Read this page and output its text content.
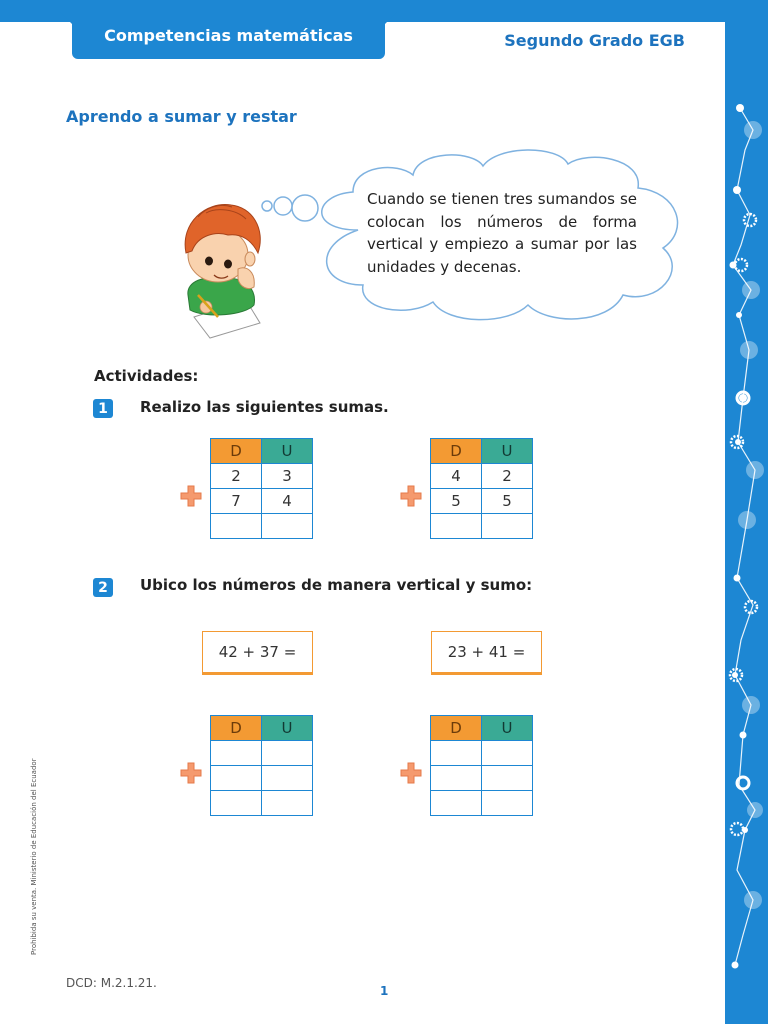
Competencias matemáticas	Segundo Grado EGB
Aprendo a sumar y restar

Cuando se tienen tres sumandos se colocan los números de forma vertical y empiezo a sumar por las unidades y decenas.

Actividades:
1 Realizo las siguientes sumas.
D	U
2	3
7	4

D	U
4	2
5	5

2 Ubico los números de manera vertical y sumo:
42 + 37 =	23 + 41 =
D	U

		D	U

Prohibida su venta. Ministerio de Educación del Ecuador
DCD: M.2.1.21.
1
